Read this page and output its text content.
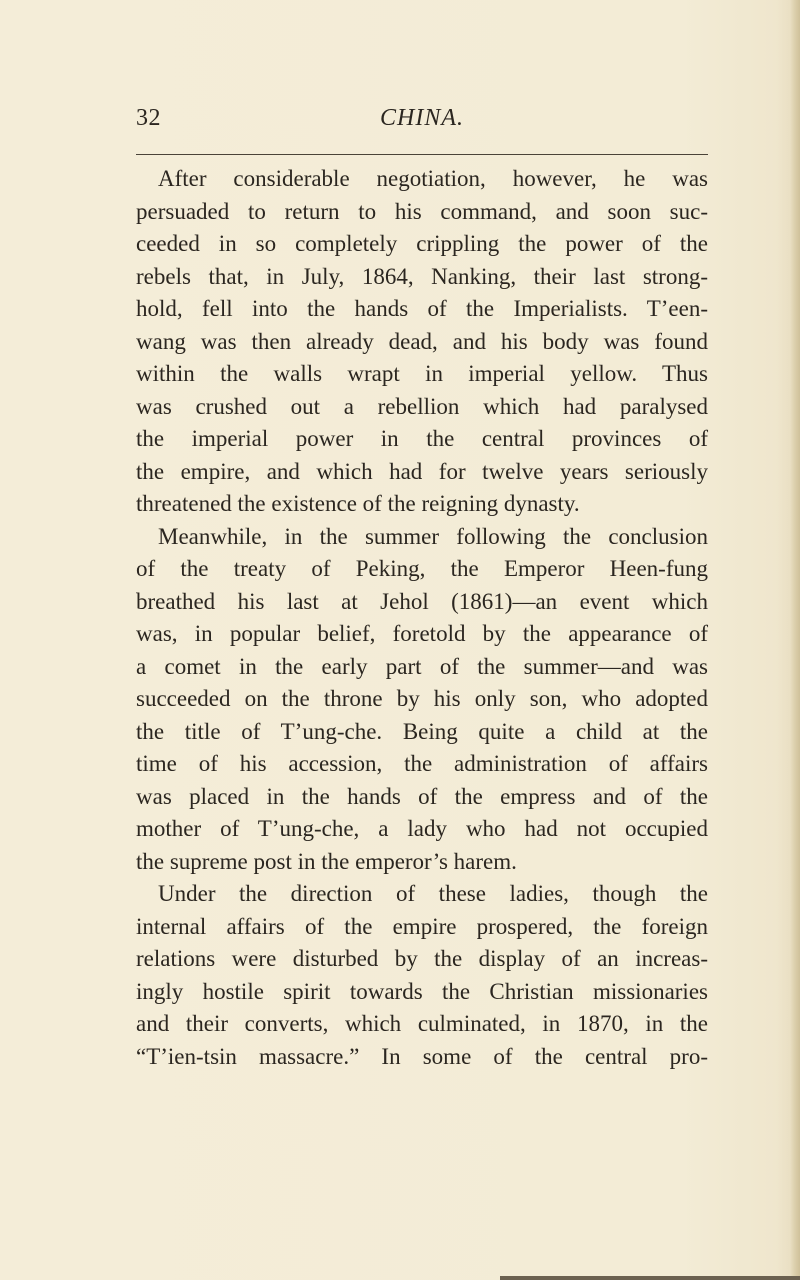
32	CHINA.
After considerable negotiation, however, he was
persuaded to return to his command, and soon suc-
ceeded in so completely crippling the power of the
rebels that, in July, 1864, Nanking, their last strong-
hold, fell into the hands of the Imperialists. T’een-
wang was then already dead, and his body was found
within the walls wrapt in imperial yellow. Thus
was crushed out a rebellion which had paralysed
the imperial power in the central provinces of
the empire, and which had for twelve years seriously
threatened the existence of the reigning dynasty.
Meanwhile, in the summer following the conclusion
of the treaty of Peking, the Emperor Heen-fung
breathed his last at Jehol (1861)—an event which
was, in popular belief, foretold by the appearance of
a comet in the early part of the summer—and was
succeeded on the throne by his only son, who adopted
the title of T’ung-che. Being quite a child at the
time of his accession, the administration of affairs
was placed in the hands of the empress and of the
mother of T’ung-che, a lady who had not occupied
the supreme post in the emperor’s harem.
Under the direction of these ladies, though the
internal affairs of the empire prospered, the foreign
relations were disturbed by the display of an increas-
ingly hostile spirit towards the Christian missionaries
and their converts, which culminated, in 1870, in the
“T’ien-tsin massacre.” In some of the central pro-
